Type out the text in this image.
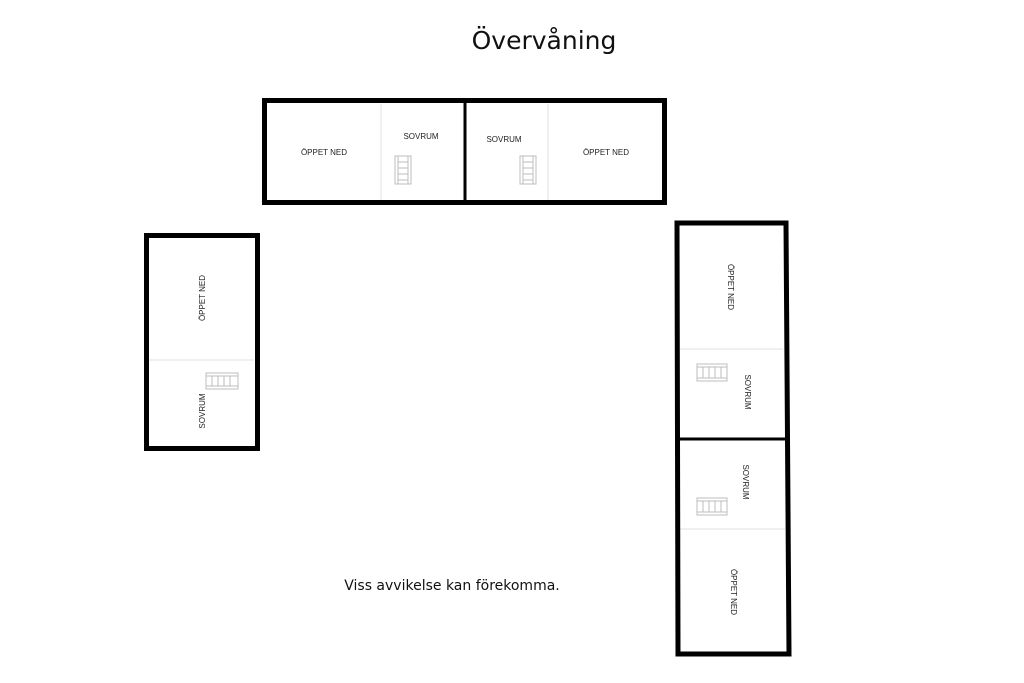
Övervåning
ÖPPET NED
SOVRUM	SOVRUM
ÖPPET NED
ÖPPET NED
SOVRUM
ÖPPET NED
SOVRUM
SOVRUM
ÖPPET NED
Viss avvikelse kan förekomma.
